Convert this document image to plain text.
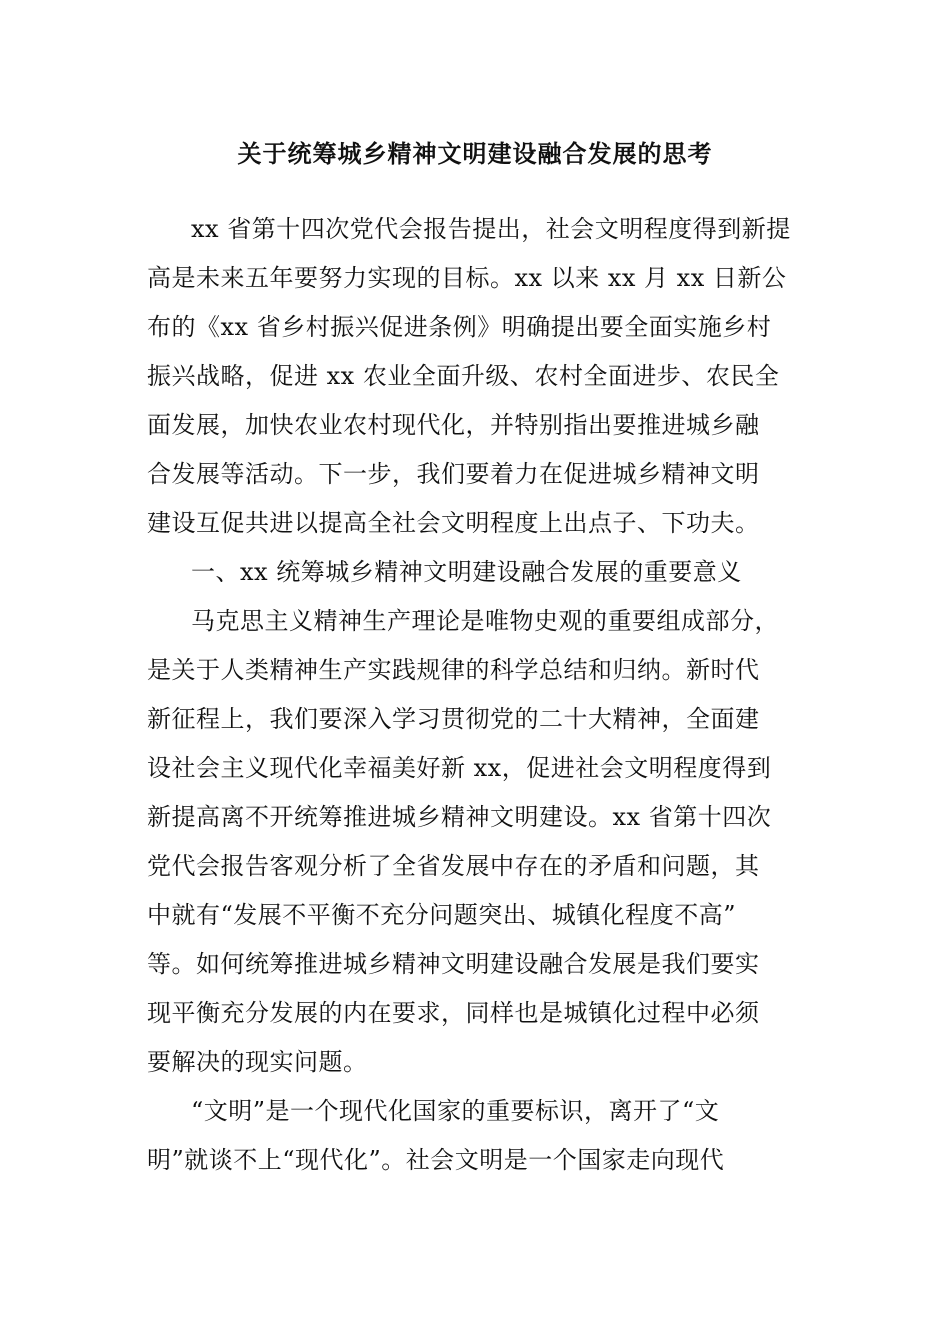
关于统筹城乡精神文明建设融合发展的思考
xx 省第十四次党代会报告提出，社会文明程度得到新提
高是未来五年要努力实现的目标。xx 以来 xx 月 xx 日新公
布的《xx 省乡村振兴促进条例》明确提出要全面实施乡村
振兴战略，促进 xx 农业全面升级、农村全面进步、农民全
面发展，加快农业农村现代化，并特别指出要推进城乡融
合发展等活动。下一步，我们要着力在促进城乡精神文明
建设互促共进以提高全社会文明程度上出点子、下功夫。
一、xx 统筹城乡精神文明建设融合发展的重要意义
马克思主义精神生产理论是唯物史观的重要组成部分，
是关于人类精神生产实践规律的科学总结和归纳。新时代
新征程上，我们要深入学习贯彻党的二十大精神，全面建
设社会主义现代化幸福美好新 xx，促进社会文明程度得到
新提高离不开统筹推进城乡精神文明建设。xx 省第十四次
党代会报告客观分析了全省发展中存在的矛盾和问题，其
中就有“发展不平衡不充分问题突出、城镇化程度不高”
等。如何统筹推进城乡精神文明建设融合发展是我们要实
现平衡充分发展的内在要求，同样也是城镇化过程中必须
要解决的现实问题。
“文明”是一个现代化国家的重要标识，离开了“文
明”就谈不上“现代化”。社会文明是一个国家走向现代
